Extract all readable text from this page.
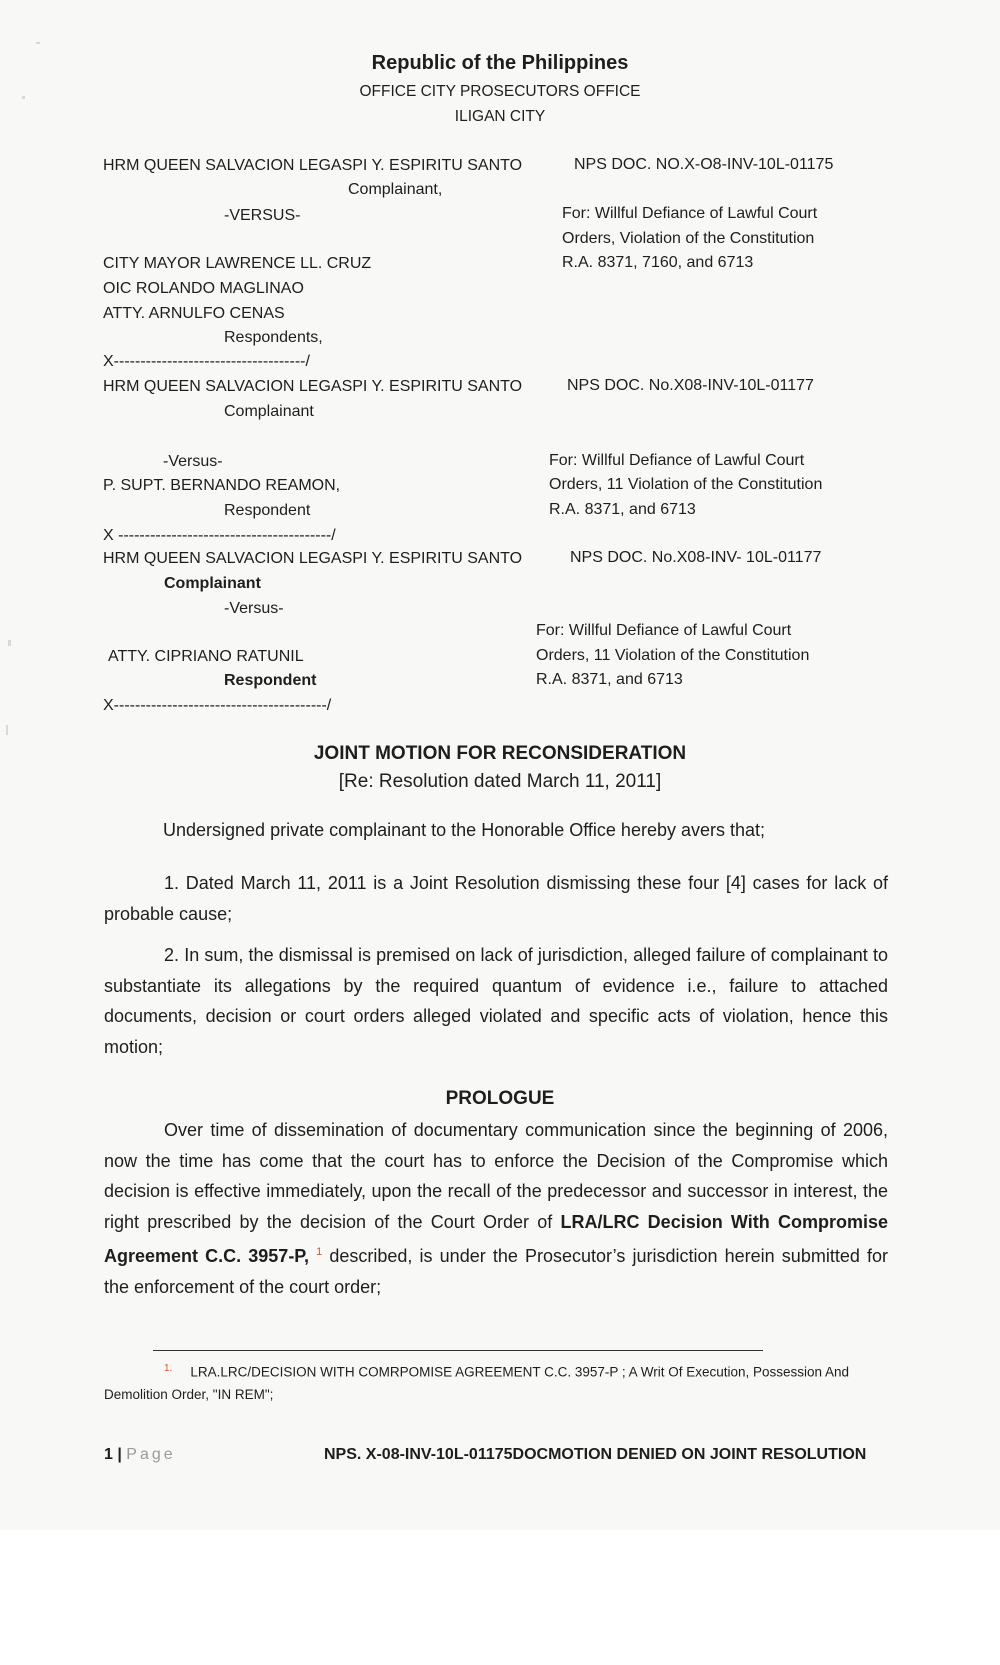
Republic of the Philippines
OFFICE CITY PROSECUTORS OFFICE
ILIGAN CITY
HRM QUEEN SALVACION LEGASPI Y. ESPIRITU SANTO
Complainant,
-VERSUS-
CITY MAYOR LAWRENCE LL. CRUZ
OIC ROLANDO MAGLINAO
ATTY. ARNULFO CENAS
Respondents,
X------------------------------------/
NPS DOC. NO.X-O8-INV-10L-01175
For: Willful Defiance of Lawful Court
Orders, Violation of the Constitution
R.A. 8371, 7160, and 6713
HRM QUEEN SALVACION LEGASPI Y. ESPIRITU SANTO
Complainant
NPS DOC. No.X08-INV-10L-01177
-Versus-
P. SUPT. BERNANDO REAMON,
Respondent
X ----------------------------------------/
For: Willful Defiance of Lawful Court
Orders, 11 Violation of the Constitution
R.A. 8371, and 6713
HRM QUEEN SALVACION LEGASPI Y. ESPIRITU SANTO
Complainant
-Versus-
NPS DOC. No.X08-INV- 10L-01177
For: Willful Defiance of Lawful Court
Orders, 11 Violation of the Constitution
R.A. 8371, and 6713
ATTY. CIPRIANO RATUNIL
Respondent
X----------------------------------------/
JOINT MOTION FOR RECONSIDERATION
[Re: Resolution dated March 11, 2011]
Undersigned private complainant to the Honorable Office hereby avers that;
1. Dated March 11, 2011 is a Joint Resolution dismissing these four [4] cases for lack of probable cause;
2. In sum, the dismissal is premised on lack of jurisdiction, alleged failure of complainant to substantiate its allegations by the required quantum of evidence i.e., failure to attached documents, decision or court orders alleged violated and specific acts of violation, hence this motion;
PROLOGUE
Over time of dissemination of documentary communication since the beginning of 2006, now the time has come that the court has to enforce the Decision of the Compromise which decision is effective immediately, upon the recall of the predecessor and successor in interest, the right prescribed by the decision of the Court Order of LRA/LRC Decision With Compromise Agreement C.C. 3957-P, $^1$ described, is under the Prosecutor’s jurisdiction herein submitted for the enforcement of the court order;
$^{1.}$ LRA.LRC/DECISION WITH COMRPOMISE AGREEMENT C.C. 3957-P ; A Writ Of Execution, Possession And Demolition Order, "IN REM";
1 | Page	NPS. X-08-INV-10L-01175DOCMOTION DENIED ON JOINT RESOLUTION
